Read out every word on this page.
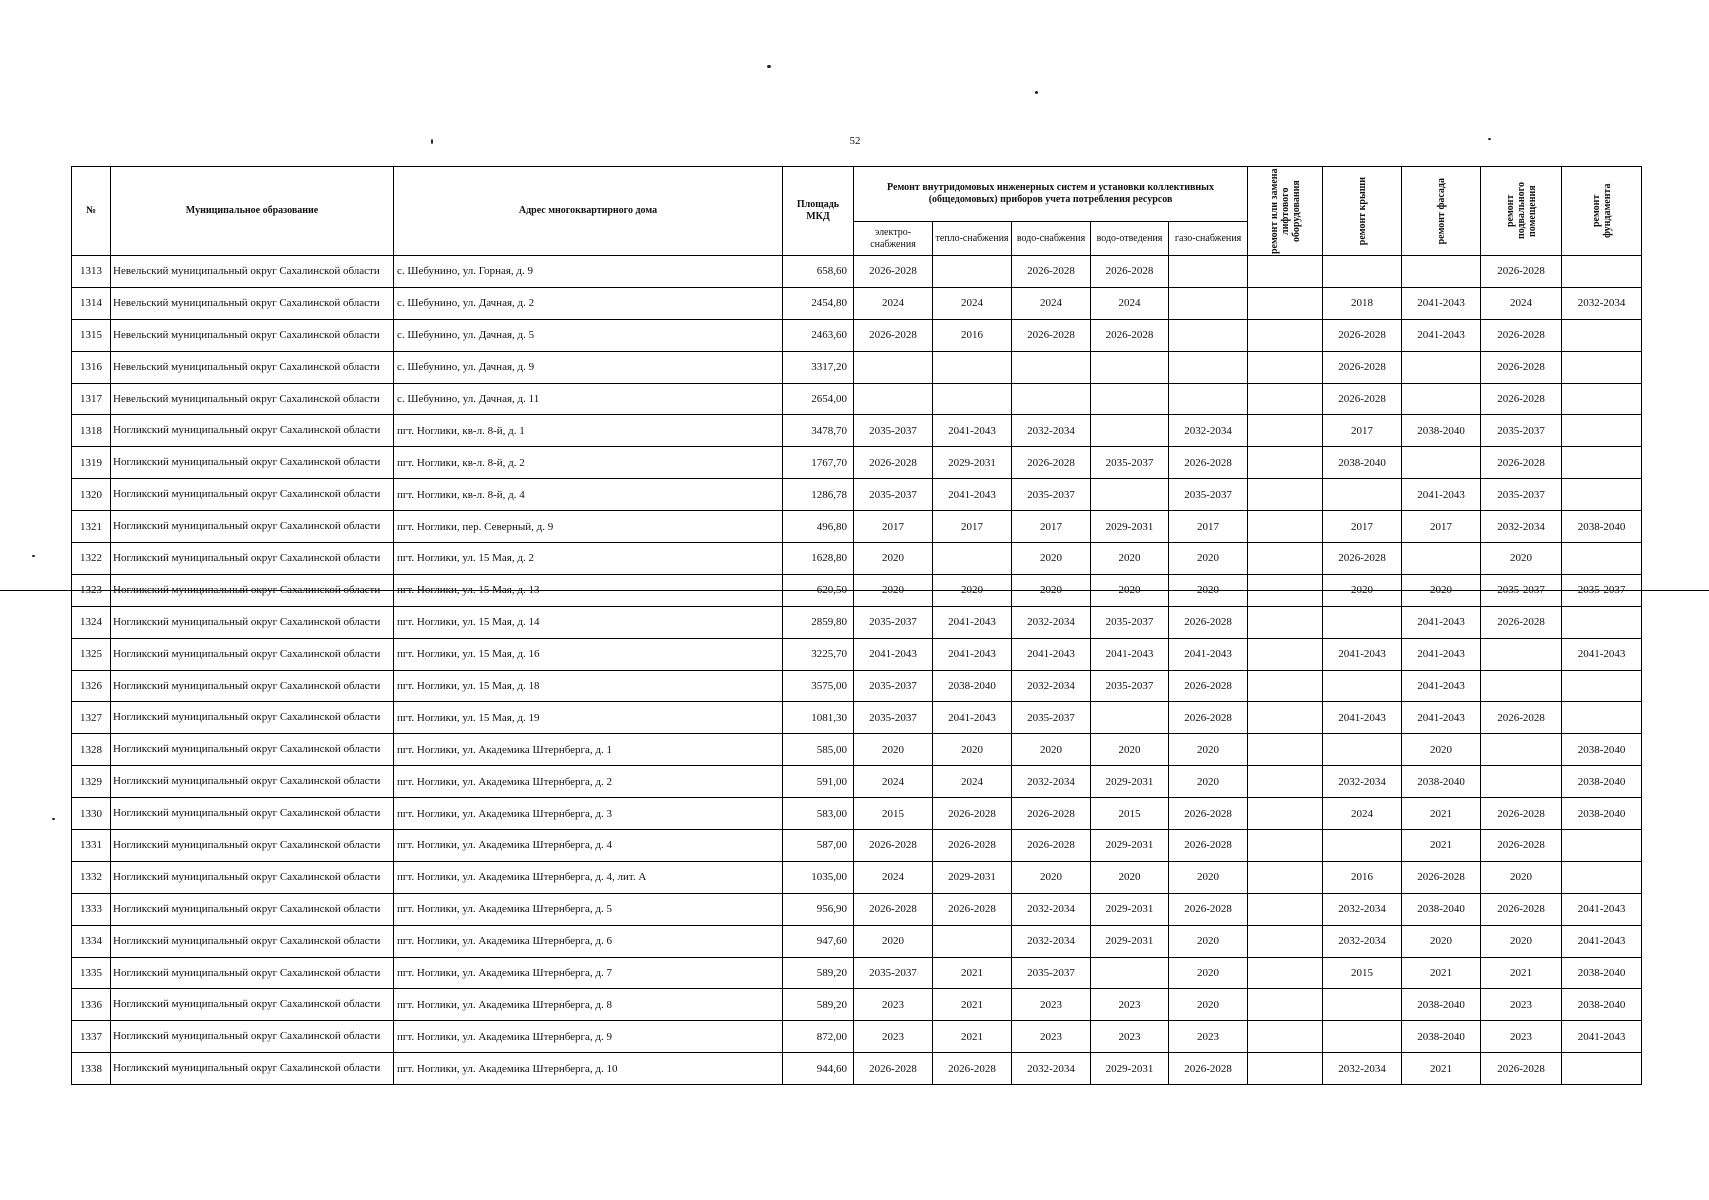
52
№	Муниципальное образование	Адрес многоквартирного дома	Площадь МКД	Ремонт внутридомовых инженерных систем и установки коллективных (общедомовых) приборов учета потребления ресурсов					ремонт или замена лифтового оборудования	ремонт крыши	ремонт фасада	ремонт подвального помещения	ремонт фундамента

				электро-снабжения	тепло-снабжения	водо-снабжения	водо-отведения	газо-снабжения					
1313	Невельский муниципальный округ Сахалинской области	с. Шебунино, ул. Горная, д. 9	658,60	2026-2028		2026-2028	2026-2028					2026-2028	
1314	Невельский муниципальный округ Сахалинской области	с. Шебунино, ул. Дачная, д. 2	2454,80	2024	2024	2024	2024			2018	2041-2043	2024	2032-2034
1315	Невельский муниципальный округ Сахалинской области	с. Шебунино, ул. Дачная, д. 5	2463,60	2026-2028	2016	2026-2028	2026-2028			2026-2028	2041-2043	2026-2028	
1316	Невельский муниципальный округ Сахалинской области	с. Шебунино, ул. Дачная, д. 9	3317,20							2026-2028		2026-2028	
1317	Невельский муниципальный округ Сахалинской области	с. Шебунино, ул. Дачная, д. 11	2654,00							2026-2028		2026-2028	
1318	Ногликский муниципальный округ Сахалинской области	пгт. Ноглики, кв-л. 8-й, д. 1	3478,70	2035-2037	2041-2043	2032-2034		2032-2034		2017	2038-2040	2035-2037	
1319	Ногликский муниципальный округ Сахалинской области	пгт. Ноглики, кв-л. 8-й, д. 2	1767,70	2026-2028	2029-2031	2026-2028	2035-2037	2026-2028		2038-2040		2026-2028	
1320	Ногликский муниципальный округ Сахалинской области	пгт. Ноглики, кв-л. 8-й, д. 4	1286,78	2035-2037	2041-2043	2035-2037		2035-2037			2041-2043	2035-2037	
1321	Ногликский муниципальный округ Сахалинской области	пгт. Ноглики, пер. Северный, д. 9	496,80	2017	2017	2017	2029-2031	2017		2017	2017	2032-2034	2038-2040
1322	Ногликский муниципальный округ Сахалинской области	пгт. Ноглики, ул. 15 Мая, д. 2	1628,80	2020		2020	2020	2020		2026-2028		2020	
1323	Ногликский муниципальный округ Сахалинской области	пгт. Ноглики, ул. 15 Мая, д. 13	620,50	2020	2020	2020	2020	2020		2020	2020	2035-2037	2035-2037
1324	Ногликский муниципальный округ Сахалинской области	пгт. Ноглики, ул. 15 Мая, д. 14	2859,80	2035-2037	2041-2043	2032-2034	2035-2037	2026-2028			2041-2043	2026-2028	
1325	Ногликский муниципальный округ Сахалинской области	пгт. Ноглики, ул. 15 Мая, д. 16	3225,70	2041-2043	2041-2043	2041-2043	2041-2043	2041-2043		2041-2043	2041-2043		2041-2043
1326	Ногликский муниципальный округ Сахалинской области	пгт. Ноглики, ул. 15 Мая, д. 18	3575,00	2035-2037	2038-2040	2032-2034	2035-2037	2026-2028			2041-2043		
1327	Ногликский муниципальный округ Сахалинской области	пгт. Ноглики, ул. 15 Мая, д. 19	1081,30	2035-2037	2041-2043	2035-2037		2026-2028		2041-2043	2041-2043	2026-2028	
1328	Ногликский муниципальный округ Сахалинской области	пгт. Ноглики, ул. Академика Штернберга, д. 1	585,00	2020	2020	2020	2020	2020			2020		2038-2040
1329	Ногликский муниципальный округ Сахалинской области	пгт. Ноглики, ул. Академика Штернберга, д. 2	591,00	2024	2024	2032-2034	2029-2031	2020		2032-2034	2038-2040		2038-2040
1330	Ногликский муниципальный округ Сахалинской области	пгт. Ноглики, ул. Академика Штернберга, д. 3	583,00	2015	2026-2028	2026-2028	2015	2026-2028		2024	2021	2026-2028	2038-2040
1331	Ногликский муниципальный округ Сахалинской области	пгт. Ноглики, ул. Академика Штернберга, д. 4	587,00	2026-2028	2026-2028	2026-2028	2029-2031	2026-2028			2021	2026-2028	
1332	Ногликский муниципальный округ Сахалинской области	пгт. Ноглики, ул. Академика Штернберга, д. 4, лит. А	1035,00	2024	2029-2031	2020	2020	2020		2016	2026-2028	2020	
1333	Ногликский муниципальный округ Сахалинской области	пгт. Ноглики, ул. Академика Штернберга, д. 5	956,90	2026-2028	2026-2028	2032-2034	2029-2031	2026-2028		2032-2034	2038-2040	2026-2028	2041-2043
1334	Ногликский муниципальный округ Сахалинской области	пгт. Ноглики, ул. Академика Штернберга, д. 6	947,60	2020		2032-2034	2029-2031	2020		2032-2034	2020	2020	2041-2043
1335	Ногликский муниципальный округ Сахалинской области	пгт. Ноглики, ул. Академика Штернберга, д. 7	589,20	2035-2037	2021	2035-2037		2020		2015	2021	2021	2038-2040
1336	Ногликский муниципальный округ Сахалинской области	пгт. Ноглики, ул. Академика Штернберга, д. 8	589,20	2023	2021	2023	2023	2020			2038-2040	2023	2038-2040
1337	Ногликский муниципальный округ Сахалинской области	пгт. Ноглики, ул. Академика Штернберга, д. 9	872,00	2023	2021	2023	2023	2023			2038-2040	2023	2041-2043
1338	Ногликский муниципальный округ Сахалинской области	пгт. Ноглики, ул. Академика Штернберга, д. 10	944,60	2026-2028	2026-2028	2032-2034	2029-2031	2026-2028		2032-2034	2021	2026-2028	
